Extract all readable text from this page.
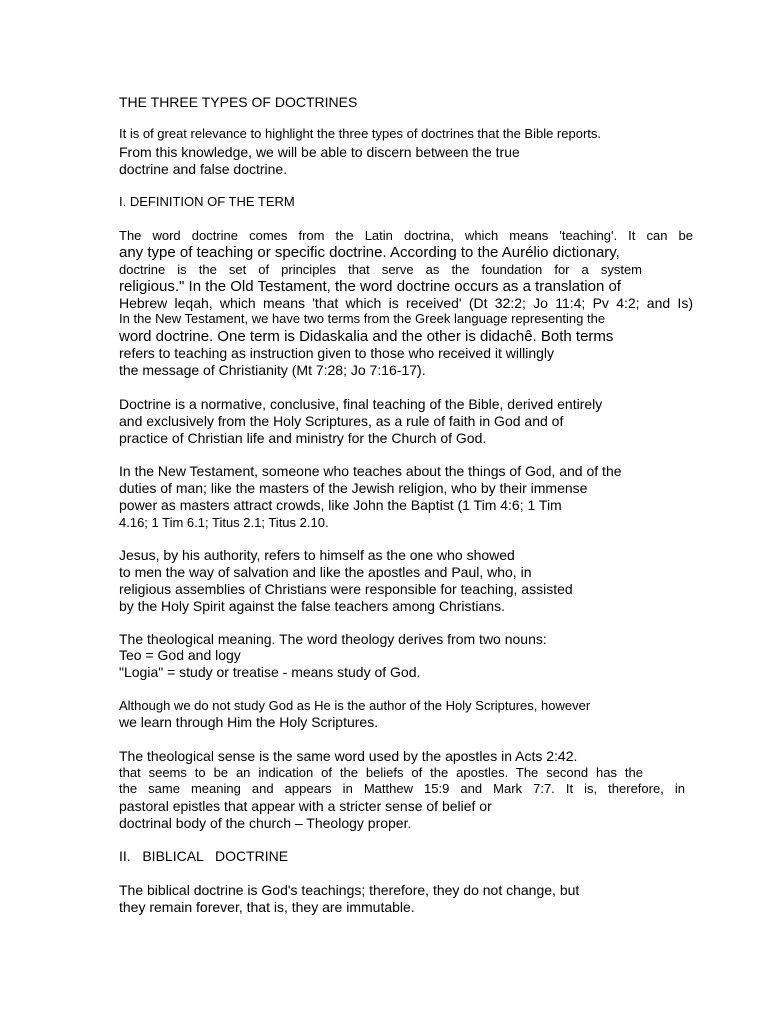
THE THREE TYPES OF DOCTRINES
It is of great relevance to highlight the three types of doctrines that the Bible reports.
From this knowledge, we will be able to discern between the true
doctrine and false doctrine.
I. DEFINITION OF THE TERM
The word doctrine comes from the Latin doctrina, which means 'teaching'. It can be
any type of teaching or specific doctrine. According to the Aurélio dictionary,
doctrine is the set of principles that serve as the foundation for a system
religious." In the Old Testament, the word doctrine occurs as a translation of
Hebrew leqah, which means 'that which is received' (Dt 32:2; Jo 11:4; Pv 4:2; and Is)
In the New Testament, we have two terms from the Greek language representing the
word doctrine. One term is Didaskalia and the other is didachê. Both terms
refers to teaching as instruction given to those who received it willingly
the message of Christianity (Mt 7:28; Jo 7:16-17).
Doctrine is a normative, conclusive, final teaching of the Bible, derived entirely
and exclusively from the Holy Scriptures, as a rule of faith in God and of
practice of Christian life and ministry for the Church of God.
In the New Testament, someone who teaches about the things of God, and of the
duties of man; like the masters of the Jewish religion, who by their immense
power as masters attract crowds, like John the Baptist (1 Tim 4:6; 1 Tim
4.16; 1 Tim 6.1; Titus 2.1; Titus 2.10.
Jesus, by his authority, refers to himself as the one who showed
to men the way of salvation and like the apostles and Paul, who, in
religious assemblies of Christians were responsible for teaching, assisted
by the Holy Spirit against the false teachers among Christians.
The theological meaning. The word theology derives from two nouns:
Teo = God and logy
"Logia" = study or treatise - means study of God.
Although we do not study God as He is the author of the Holy Scriptures, however
we learn through Him the Holy Scriptures.
The theological sense is the same word used by the apostles in Acts 2:42.
that seems to be an indication of the beliefs of the apostles. The second has the
the same meaning and appears in Matthew 15:9 and Mark 7:7. It is, therefore, in
pastoral epistles that appear with a stricter sense of belief or
doctrinal body of the church – Theology proper.
II.   BIBLICAL   DOCTRINE
The biblical doctrine is God's teachings; therefore, they do not change, but
they remain forever, that is, they are immutable.
